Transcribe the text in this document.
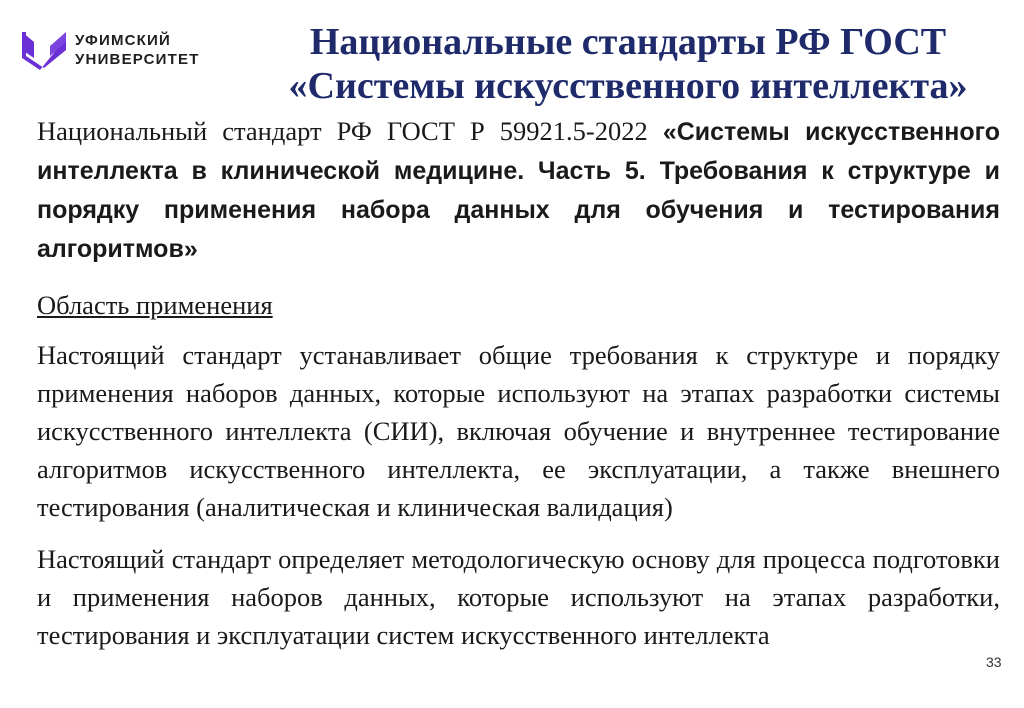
УФИМСКИЙ
УНИВЕРСИТЕТ	Национальные стандарты РФ ГОСТ
«Системы искусственного интеллекта»

Национальный стандарт РФ ГОСТ Р 59921.5-2022 «Системы искусственного интеллекта в клинической медицине. Часть 5. Требования к структуре и порядку применения набора данных для обучения и тестирования алгоритмов»

Область применения

Настоящий стандарт устанавливает общие требования к структуре и порядку применения наборов данных, которые используют на этапах разработки системы искусственного интеллекта (СИИ), включая обучение и внутреннее тестирование алгоритмов искусственного интеллекта, ее эксплуатации, а также внешнего тестирования (аналитическая и клиническая валидация)

Настоящий стандарт определяет методологическую основу для процесса подготовки и применения наборов данных, которые используют на этапах разработки, тестирования и эксплуатации систем искусственного интеллекта

33
